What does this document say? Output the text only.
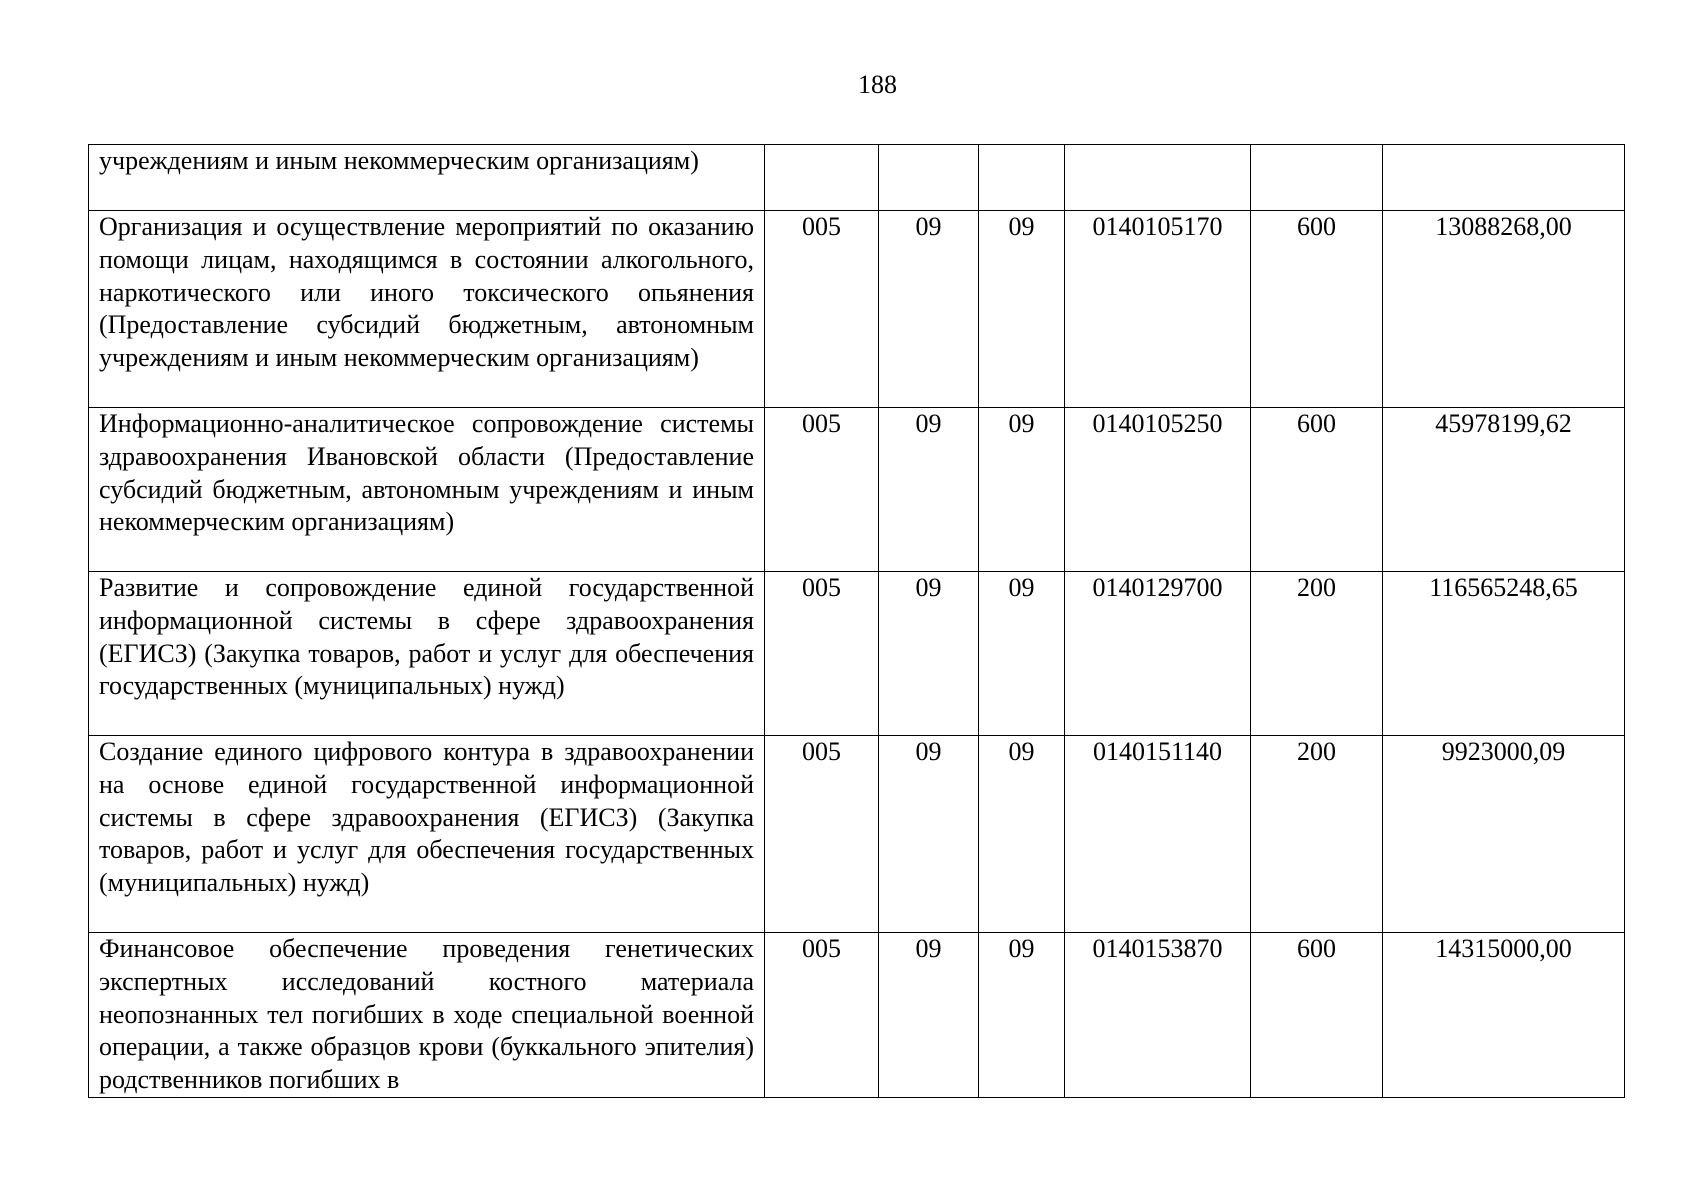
188
учреждениям и иным некоммерческим организациям)						
Организация и осуществление мероприятий по оказанию помощи лицам, находящимся в состоянии алкогольного, наркотического или иного токсического опьянения (Предоставление субсидий бюджетным, автономным учреждениям и иным некоммерческим организациям)	005	09	09	0140105170	600	13088268,00
Информационно-аналитическое сопровождение системы здравоохранения Ивановской области (Предоставление субсидий бюджетным, автономным учреждениям и иным некоммерческим организациям)	005	09	09	0140105250	600	45978199,62
Развитие и сопровождение единой государственной информационной системы в сфере здравоохранения (ЕГИСЗ) (Закупка товаров, работ и услуг для обеспечения государственных (муниципальных) нужд)	005	09	09	0140129700	200	116565248,65
Создание единого цифрового контура в здравоохранении на основе единой государственной информационной системы в сфере здравоохранения (ЕГИСЗ) (Закупка товаров, работ и услуг для обеспечения государственных (муниципальных) нужд)	005	09	09	0140151140	200	9923000,09
Финансовое обеспечение проведения генетических экспертных исследований костного материала неопознанных тел погибших в ходе специальной военной операции, а также образцов крови (буккального эпителия) родственников погибших в	005	09	09	0140153870	600	14315000,00
